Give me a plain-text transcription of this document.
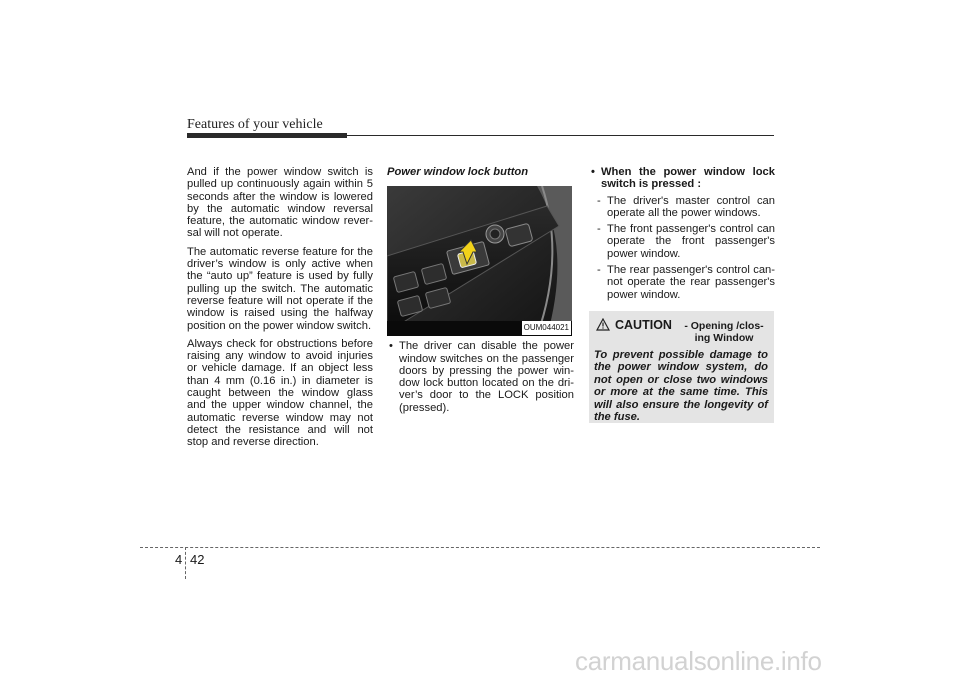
Features of your vehicle

And if the power window switch is pulled up continuously again within 5 seconds after the window is lowered by the automatic window reversal feature, the automatic window rever-sal will not operate.

The automatic reverse feature for the driver’s window is only active when the “auto up” feature is used by fully pulling up the switch. The automatic reverse feature will not operate if the window is raised using the halfway position on the power window switch.

Always check for obstructions before raising any window to avoid injuries or vehicle damage. If an object less than 4 mm (0.16 in.) in diameter is caught between the window glass and the upper window channel, the automatic reverse window may not detect the resistance and will not stop and reverse direction.

Power window lock button
OUM044021
• The driver can disable the power window switches on the passenger doors by pressing the power win-dow lock button located on the dri-ver’s door to the LOCK position (pressed).
• When the power window lock switch is pressed :
- The driver's master control can operate all the power windows.
- The front passenger's control can operate the front passenger's power window.
- The rear passenger's control can-not operate the rear passenger's power window.
CAUTION	- Opening /clos-ing Window
To prevent possible damage to the power window system, do not open or close two windows or more at the same time. This will also ensure the longevity of the fuse.
4 42
carmanualsonline.info
